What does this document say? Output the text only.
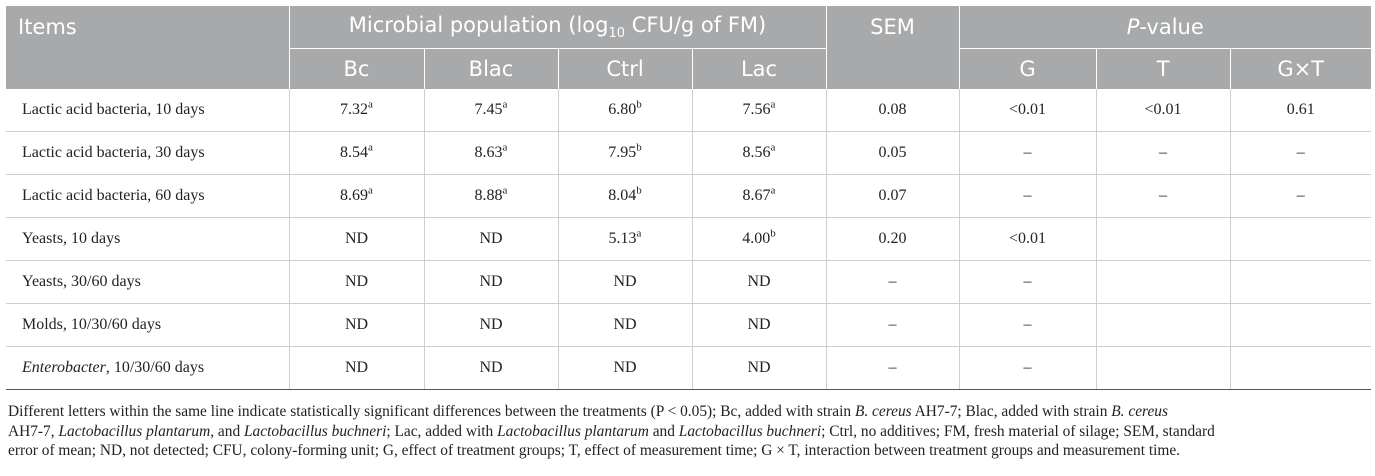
Items	Microbial population ($\log_{10}$ CFU/g of FM)				SEM	P-value		
	Bc	Blac	Ctrl	Lac		G	T	G×T
Lactic acid bacteria, 10 days	7.32$^a$	7.45$^a$	6.80$^b$	7.56$^a$	0.08	<0.01	<0.01	0.61
Lactic acid bacteria, 30 days	8.54$^a$	8.63$^a$	7.95$^b$	8.56$^a$	0.05	–	–	–
Lactic acid bacteria, 60 days	8.69$^a$	8.88$^a$	8.04$^b$	8.67$^a$	0.07	–	–	–
Yeasts, 10 days	ND	ND	5.13$^a$	4.00$^b$	0.20	<0.01		
Yeasts, 30/60 days	ND	ND	ND	ND	–	–		
Molds, 10/30/60 days	ND	ND	ND	ND	–	–		
Enterobacter, 10/30/60 days	ND	ND	ND	ND	–	–		
Different letters within the same line indicate statistically significant differences between the treatments (P < 0.05); Bc, added with strain B. cereus AH7-7; Blac, added with strain B. cereus
AH7-7, Lactobacillus plantarum, and Lactobacillus buchneri; Lac, added with Lactobacillus plantarum and Lactobacillus buchneri; Ctrl, no additives; FM, fresh material of silage; SEM, standard
error of mean; ND, not detected; CFU, colony-forming unit; G, effect of treatment groups; T, effect of measurement time; G × T, interaction between treatment groups and measurement time.
